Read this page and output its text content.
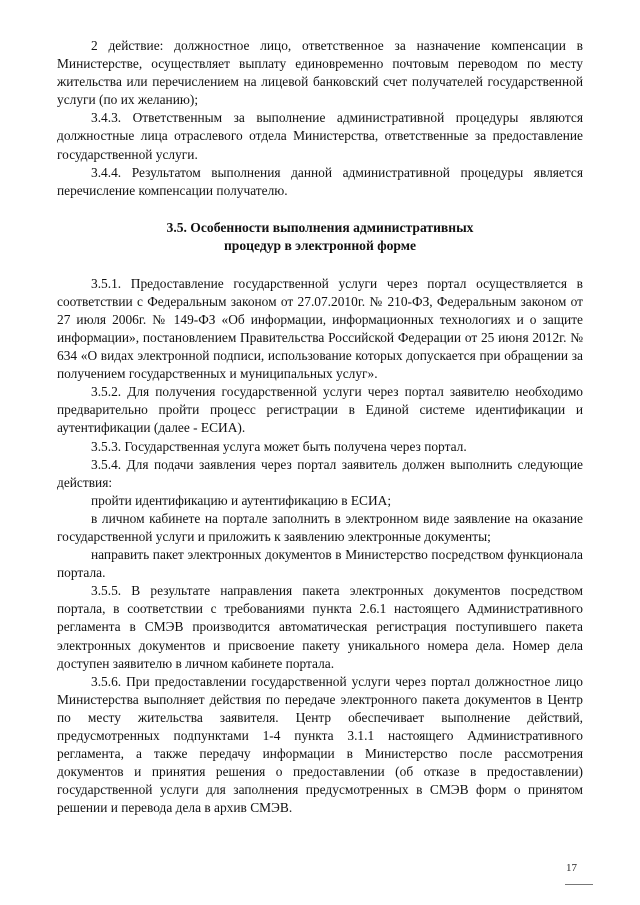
2 действие: должностное лицо, ответственное за назначение компенсации в Министерстве, осуществляет выплату единовременно почтовым переводом по месту жительства или перечислением на лицевой банковский счет получателей государственной услуги (по их желанию);

3.4.3. Ответственным за выполнение административной процедуры являются должностные лица отраслевого отдела Министерства, ответственные за предоставление государственной услуги.

3.4.4. Результатом выполнения данной административной процедуры является перечисление компенсации получателю.

3.5. Особенности выполнения административных
процедур в электронной форме

3.5.1. Предоставление государственной услуги через портал осуществляется в соответствии с Федеральным законом от 27.07.2010г. № 210-ФЗ, Федеральным законом от 27 июля 2006г. № 149-ФЗ «Об информации, информационных технологиях и о защите информации», постановлением Правительства Российской Федерации от 25 июня 2012г. № 634 «О видах электронной подписи, использование которых допускается при обращении за получением государственных и муниципальных услуг».

3.5.2. Для получения государственной услуги через портал заявителю необходимо предварительно пройти процесс регистрации в Единой системе идентификации и аутентификации (далее - ЕСИА).

3.5.3. Государственная услуга может быть получена через портал.

3.5.4. Для подачи заявления через портал заявитель должен выполнить следующие действия:

пройти идентификацию и аутентификацию в ЕСИА;

в личном кабинете на портале заполнить в электронном виде заявление на оказание государственной услуги и приложить к заявлению электронные документы;

направить пакет электронных документов в Министерство посредством функционала портала.

3.5.5. В результате направления пакета электронных документов посредством портала, в соответствии с требованиями пункта 2.6.1 настоящего Административного регламента в СМЭВ производится автоматическая регистрация поступившего пакета электронных документов и присвоение пакету уникального номера дела. Номер дела доступен заявителю в личном кабинете портала.

3.5.6. При предоставлении государственной услуги через портал должностное лицо Министерства выполняет действия по передаче электронного пакета документов в Центр по месту жительства заявителя. Центр обеспечивает выполнение действий, предусмотренных подпунктами 1-4 пункта 3.1.1 настоящего Административного регламента, а также передачу информации в Министерство после рассмотрения документов и принятия решения о предоставлении (об отказе в предоставлении) государственной услуги для заполнения предусмотренных в СМЭВ форм о принятом решении и перевода дела в архив СМЭВ.

17
